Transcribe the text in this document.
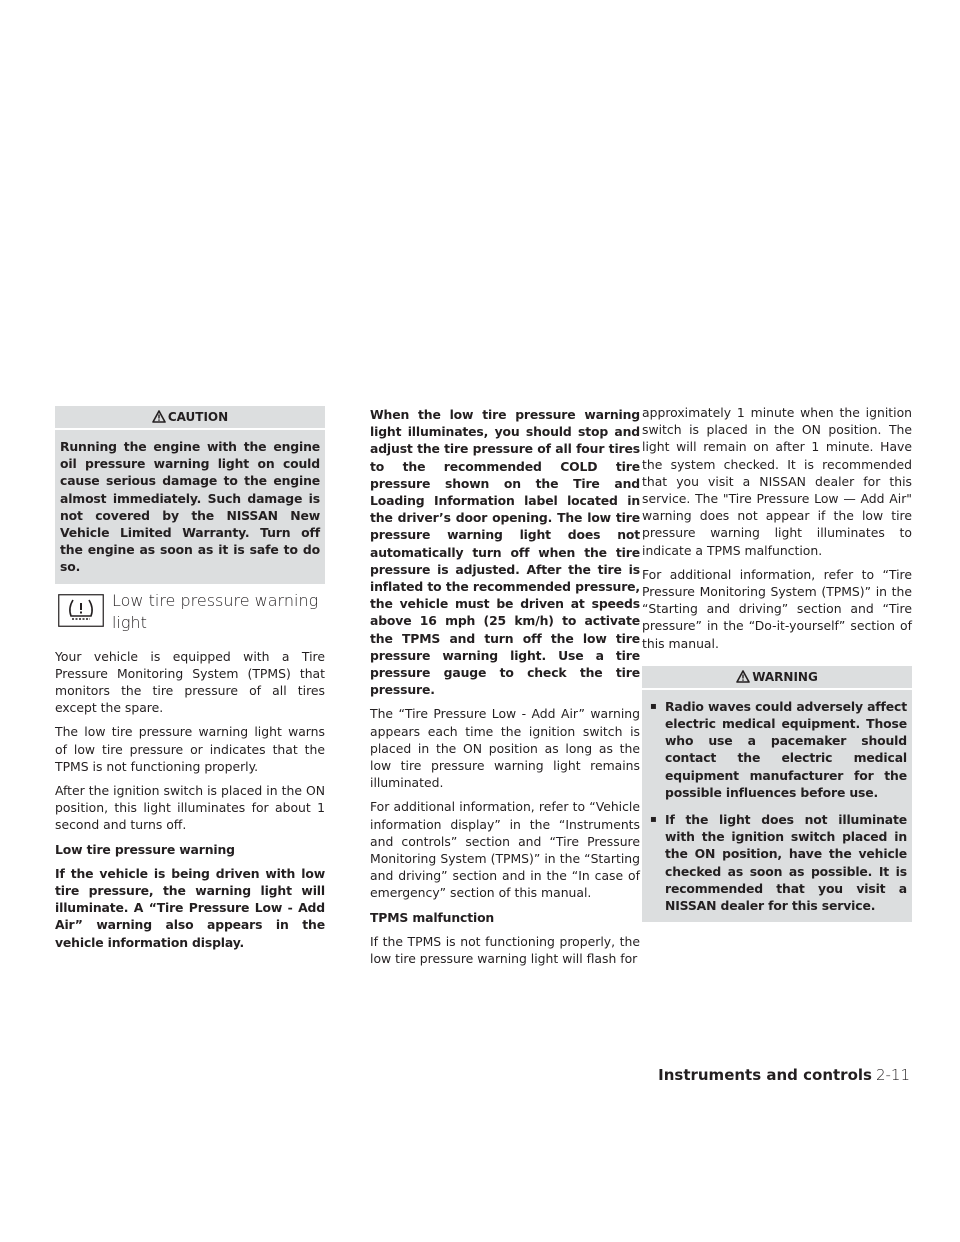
CAUTION
Running the engine with the engine oil pressure warning light on could cause serious damage to the engine almost immediately. Such damage is not covered by the NISSAN New Vehicle Limited Warranty. Turn off the engine as soon as it is safe to do so.
Low tire pressure warning light

Your vehicle is equipped with a Tire Pressure Monitoring System (TPMS) that monitors the tire pressure of all tires except the spare.

The low tire pressure warning light warns of low tire pressure or indicates that the TPMS is not functioning properly.

After the ignition switch is placed in the ON position, this light illuminates for about 1 second and turns off.

Low tire pressure warning

If the vehicle is being driven with low tire pressure, the warning light will illuminate. A “Tire Pressure Low - Add Air” warning also appears in the vehicle information display.

When the low tire pressure warning light illuminates, you should stop and adjust the tire pressure of all four tires to the recommended COLD tire pressure shown on the Tire and Loading Information label located in the driver’s door opening. The low tire pressure warning light does not automatically turn off when the tire pressure is adjusted. After the tire is inflated to the recommended pressure, the vehicle must be driven at speeds above 16 mph (25 km/h) to activate the TPMS and turn off the low tire pressure warning light. Use a tire pressure gauge to check the tire pressure.

The “Tire Pressure Low - Add Air” warning appears each time the ignition switch is placed in the ON position as long as the low tire pressure warning light remains illuminated.

For additional information, refer to “Vehicle information display” in the “Instruments and controls” section and “Tire Pressure Monitoring System (TPMS)” in the “Starting and driving” section and in the “In case of emergency” section of this manual.

TPMS malfunction

If the TPMS is not functioning properly, the low tire pressure warning light will flash for

approximately 1 minute when the ignition switch is placed in the ON position. The light will remain on after 1 minute. Have the system checked. It is recommended that you visit a NISSAN dealer for this service. The "Tire Pressure Low — Add Air" warning does not appear if the low tire pressure warning light illuminates to indicate a TPMS malfunction.

For additional information, refer to “Tire Pressure Monitoring System (TPMS)” in the “Starting and driving” section and “Tire pressure” in the “Do-it-yourself” section of this manual.

WARNING
▪ Radio waves could adversely affect electric medical equipment. Those who use a pacemaker should contact the electric medical equipment manufacturer for the possible influences before use.
▪ If the light does not illuminate with the ignition switch placed in the ON position, have the vehicle checked as soon as possible. It is recommended that you visit a NISSAN dealer for this service.
Instruments and controls 2-11
